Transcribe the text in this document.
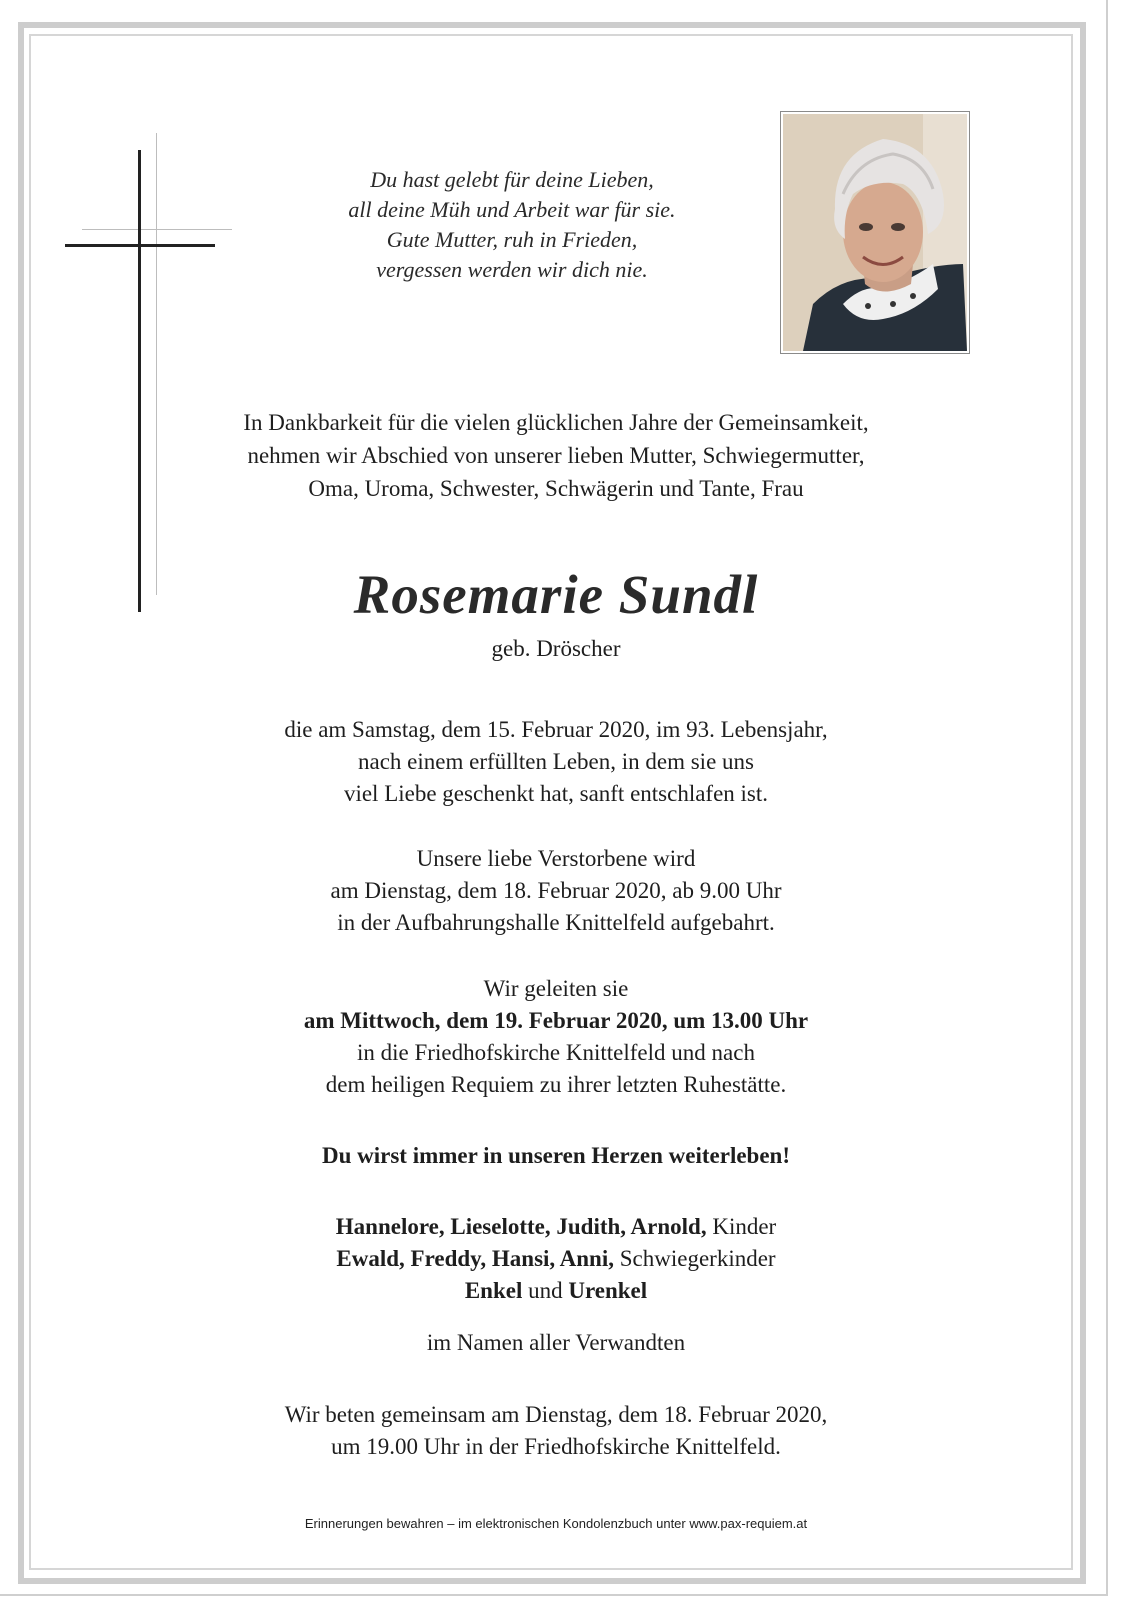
Du hast gelebt für deine Lieben,
all deine Müh und Arbeit war für sie.
Gute Mutter, ruh in Frieden,
vergessen werden wir dich nie.
In Dankbarkeit für die vielen glücklichen Jahre der Gemeinsamkeit,
nehmen wir Abschied von unserer lieben Mutter, Schwiegermutter,
Oma, Uroma, Schwester, Schwägerin und Tante, Frau
Rosemarie Sundl
geb. Dröscher
die am Samstag, dem 15. Februar 2020, im 93. Lebensjahr,
nach einem erfüllten Leben, in dem sie uns
viel Liebe geschenkt hat, sanft entschlafen ist.
Unsere liebe Verstorbene wird
am Dienstag, dem 18. Februar 2020, ab 9.00 Uhr
in der Aufbahrungshalle Knittelfeld aufgebahrt.
Wir geleiten sie
am Mittwoch, dem 19. Februar 2020, um 13.00 Uhr
in die Friedhofskirche Knittelfeld und nach
dem heiligen Requiem zu ihrer letzten Ruhestätte.
Du wirst immer in unseren Herzen weiterleben!
Hannelore, Lieselotte, Judith, Arnold, Kinder
Ewald, Freddy, Hansi, Anni, Schwiegerkinder
Enkel und Urenkel
im Namen aller Verwandten
Wir beten gemeinsam am Dienstag, dem 18. Februar 2020,
um 19.00 Uhr in der Friedhofskirche Knittelfeld.
Erinnerungen bewahren – im elektronischen Kondolenzbuch unter www.pax-requiem.at
